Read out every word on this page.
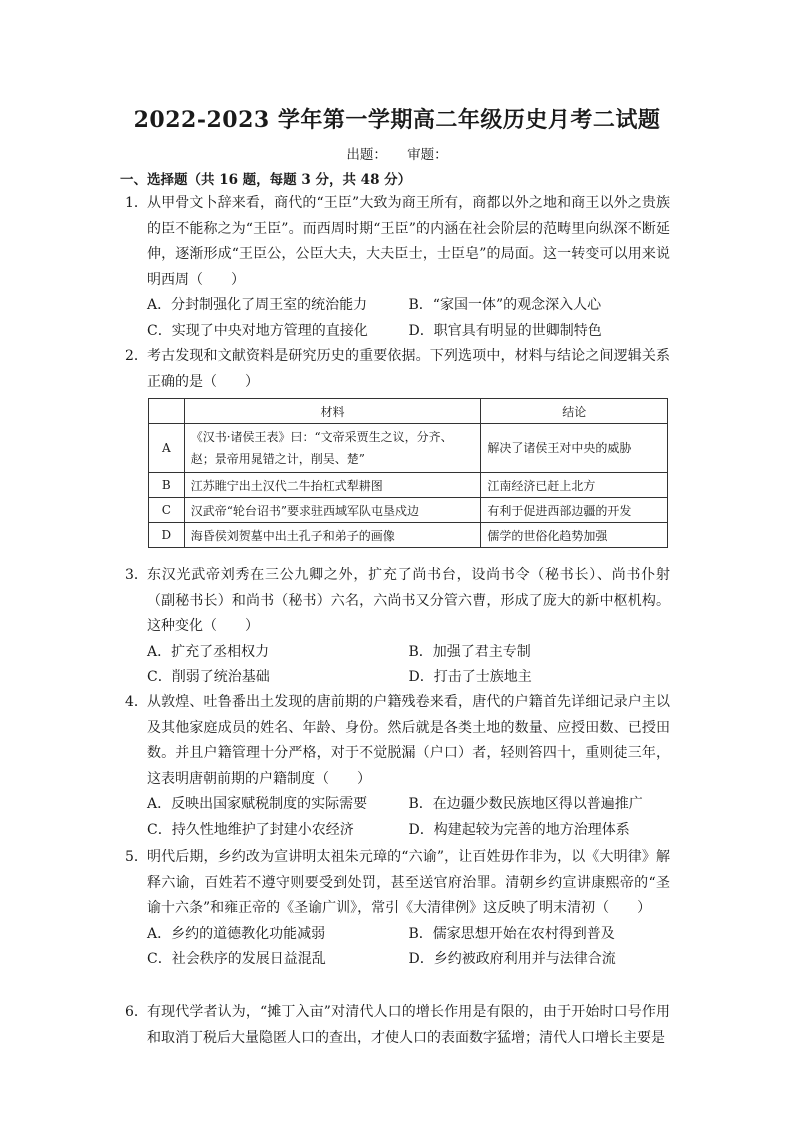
2022-2023 学年第一学期高二年级历史月考二试题
出题： 审题：
一、选择题（共 16 题，每题 3 分，共 48 分）
1． 从甲骨文卜辞来看，商代的“王臣”大致为商王所有，商都以外之地和商王以外之贵族的臣不能称之为“王臣”。而西周时期“王臣”的内涵在社会阶层的范畴里向纵深不断延伸，逐渐形成“王臣公，公臣大夫，大夫臣士，士臣皂”的局面。这一转变可以用来说明西周（　　）
A．分封制强化了周王室的统治能力	B．“家国一体”的观念深入人心
C．实现了中央对地方管理的直接化	D．职官具有明显的世卿制特色
2． 考古发现和文献资料是研究历史的重要依据。下列选项中，材料与结论之间逻辑关系正确的是（　　）
	材料	结论
A	《汉书·诸侯王表》曰：“文帝采贾生之议，分齐、赵；景帝用晁错之计，削吴、楚”	解决了诸侯王对中央的威胁
B	江苏睢宁出土汉代二牛抬杠式犁耕图	江南经济已赶上北方
C	汉武帝“轮台诏书”要求驻西域军队屯垦戍边	有利于促进西部边疆的开发
D	海昏侯刘贺墓中出土孔子和弟子的画像	儒学的世俗化趋势加强
3． 东汉光武帝刘秀在三公九卿之外，扩充了尚书台，设尚书令（秘书长）、尚书仆射（副秘书长）和尚书（秘书）六名，六尚书又分管六曹，形成了庞大的新中枢机构。这种变化（　　）
A．扩充了丞相权力	B．加强了君主专制
C．削弱了统治基础	D．打击了士族地主
4． 从敦煌、吐鲁番出土发现的唐前期的户籍残卷来看，唐代的户籍首先详细记录户主以及其他家庭成员的姓名、年龄、身份。然后就是各类土地的数量、应授田数、已授田数。并且户籍管理十分严格，对于不觉脱漏（户口）者，轻则笞四十，重则徒三年，这表明唐朝前期的户籍制度（　　）
A．反映出国家赋税制度的实际需要	B．在边疆少数民族地区得以普遍推广
C．持久性地维护了封建小农经济	D．构建起较为完善的地方治理体系
5． 明代后期，乡约改为宣讲明太祖朱元璋的“六谕”，让百姓毋作非为，以《大明律》解释六谕，百姓若不遵守则要受到处罚，甚至送官府治罪。清朝乡约宣讲康熙帝的“圣谕十六条”和雍正帝的《圣谕广训》，常引《大清律例》这反映了明末清初（　　）
A．乡约的道德教化功能减弱	B．儒家思想开始在农村得到普及
C．社会秩序的发展日益混乱	D．乡约被政府利用并与法律合流
6． 有现代学者认为，“摊丁入亩”对清代人口的增长作用是有限的，由于开始时口号作用和取消丁税后大量隐匿人口的查出，才使人口的表面数字猛增；清代人口增长主要是
